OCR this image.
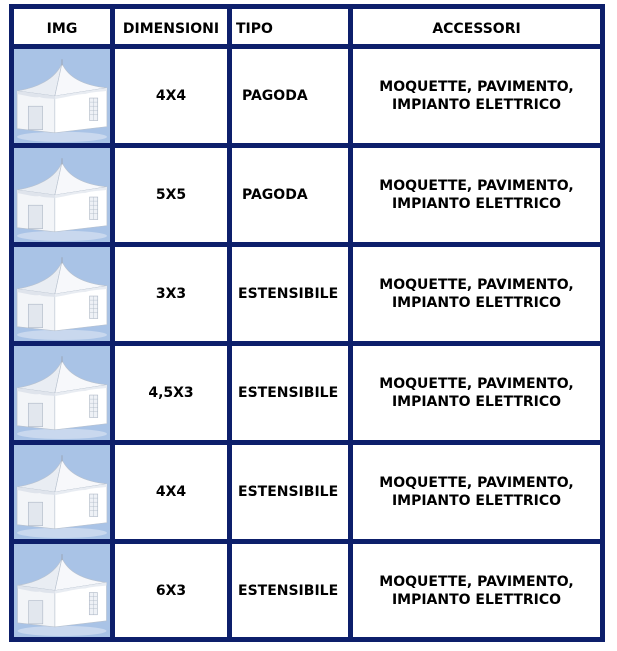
IMG	DIMENSIONI	TIPO	ACCESSORI
4X4	PAGODA
MOQUETTE, PAVIMENTO,
IMPIANTO ELETTRICO
5X5	PAGODA
MOQUETTE, PAVIMENTO,
IMPIANTO ELETTRICO
3X3	ESTENSIBILE
MOQUETTE, PAVIMENTO,
IMPIANTO ELETTRICO
4,5X3	ESTENSIBILE
MOQUETTE, PAVIMENTO,
IMPIANTO ELETTRICO
4X4	ESTENSIBILE
MOQUETTE, PAVIMENTO,
IMPIANTO ELETTRICO
6X3	ESTENSIBILE
MOQUETTE, PAVIMENTO,
IMPIANTO ELETTRICO
